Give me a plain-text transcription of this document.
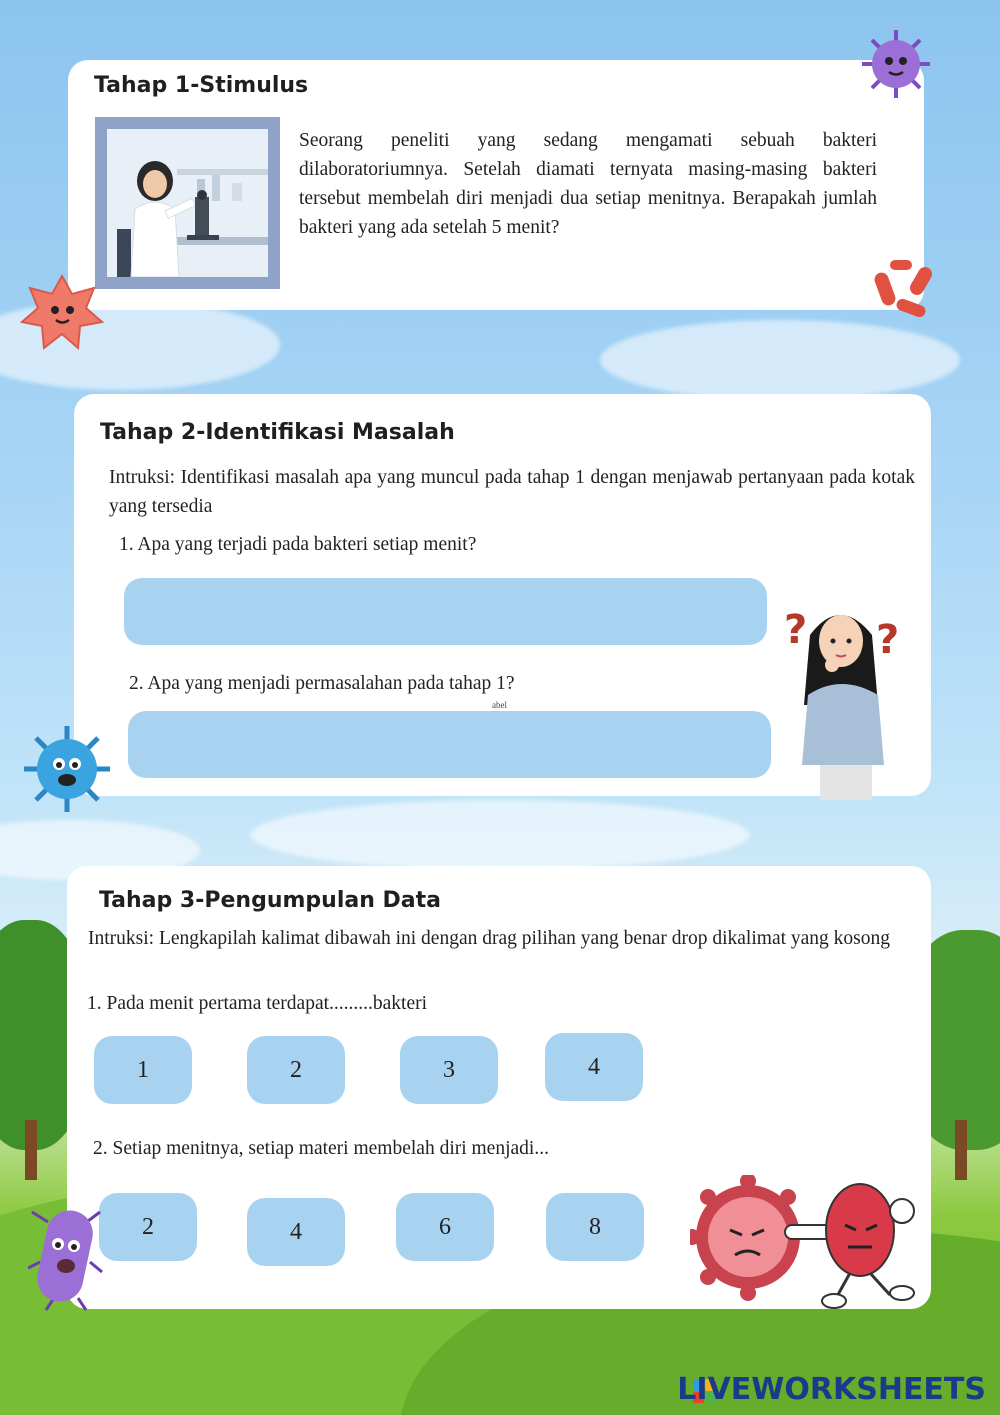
Tahap 1-Stimulus
Seorang peneliti yang sedang mengamati sebuah bakteri dilaboratoriumnya. Setelah diamati ternyata masing-masing bakteri tersebut membelah diri menjadi dua setiap menitnya. Berapakah jumlah bakteri yang ada setelah 5 menit?
Tahap 2-Identifikasi Masalah
Intruksi: Identifikasi masalah apa yang muncul pada tahap 1 dengan menjawab pertanyaan pada kotak yang tersedia
1. Apa yang terjadi pada bakteri setiap menit?
2. Apa yang menjadi permasalahan pada tahap 1?
abel
? ?
Tahap 3-Pengumpulan Data
Intruksi: Lengkapilah kalimat dibawah ini dengan drag pilihan yang benar drop dikalimat yang kosong
1. Pada menit pertama terdapat.........bakteri
1	2	3	4
2. Setiap menitnya, setiap materi membelah diri menjadi...
2	4	6	8
LIVEWORKSHEETS
